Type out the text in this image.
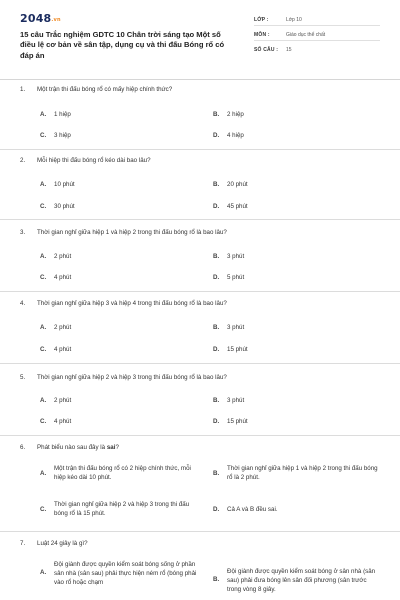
2048.vn
15 câu Trắc nghiệm GDTC 10 Chân trời sáng tạo Một số điều lệ cơ bản về sân tập, dụng cụ và thi đấu Bóng rổ có đáp án
LỚP :	Lớp 10
MÔN :	Giáo dục thể chất
SỐ CÂU : 15
1. Một trận thi đấu bóng rổ có mấy hiệp chính thức?
A. 1 hiệp	B. 2 hiệp
C. 3 hiệp	D. 4 hiệp
2. Mỗi hiệp thi đấu bóng rổ kéo dài bao lâu?
A. 10 phút	B. 20 phút
C. 30 phút	D. 45 phút
3. Thời gian nghỉ giữa hiệp 1 và hiệp 2 trong thi đấu bóng rổ là bao lâu?
A. 2 phút	B. 3 phút
C. 4 phút	D. 5 phút
4. Thời gian nghỉ giữa hiệp 3 và hiệp 4 trong thi đấu bóng rổ là bao lâu?
A. 2 phút	B. 3 phút
C. 4 phút	D. 15 phút
5. Thời gian nghỉ giữa hiệp 2 và hiệp 3 trong thi đấu bóng rổ là bao lâu?
A. 2 phút	B. 3 phút
C. 4 phút	D. 15 phút
6. Phát biểu nào sau đây là sai?
A.
Một trận thi đấu bóng rổ có 2 hiệp chính thức, mỗi hiệp kéo dài 10 phút.
B.
Thời gian nghỉ giữa hiệp 1 và hiệp 2 trong thi đấu bóng rổ là 2 phút.
C.
Thời gian nghỉ giữa hiệp 2 và hiệp 3 trong thi đấu bóng rổ là 15 phút.
D. Cả A và B đều sai.
7. Luật 24 giây là gì?
A.
Đội giành được quyền kiểm soát bóng sống ở phần sân nhà (sân sau) phải thực hiện ném rổ (bóng phải vào rổ hoặc chạm	B.
Đội giành được quyền kiểm soát bóng ở sân nhà (sân sau) phải đưa bóng lên sân đối phương (sân trước trong vòng 8 giây.
